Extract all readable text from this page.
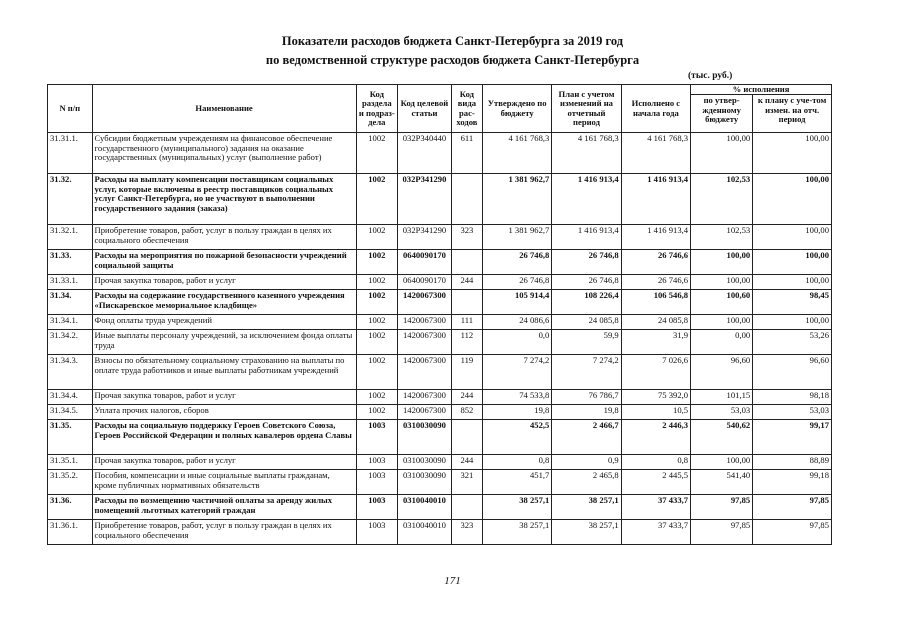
Показатели расходов бюджета Санкт-Петербурга за 2019 год
по ведомственной структуре расходов бюджета Санкт-Петербурга
(тыс. руб.)
N п/п	Наименование	Код раздела и подраз-дела	Код целевой статьи	Код вида рас-ходов	Утверждено по бюджету	План с учетом изменений на отчетный период	Исполнено с начала года	% исполнения	
								по утвер-жденному бюджету	к плану с уче-том измен. на отч. период
31.31.1.	Субсидии бюджетным учреждениям на финансовое обеспечение государственного (муниципального) задания на оказание государственных (муниципальных) услуг (выполнение работ)	1002	032P340440	611	4 161 768,3	4 161 768,3	4 161 768,3	100,00	100,00
31.32.	Расходы на выплату компенсации поставщикам социальных услуг, которые включены в реестр поставщиков социальных услуг Санкт-Петербурга, но не участвуют в выполнении государственного задания (заказа)	1002	032P341290		1 381 962,7	1 416 913,4	1 416 913,4	102,53	100,00
31.32.1.	Приобретение товаров, работ, услуг в пользу граждан в целях их социального обеспечения	1002	032P341290	323	1 381 962,7	1 416 913,4	1 416 913,4	102,53	100,00
31.33.	Расходы на мероприятия по пожарной безопасности учреждений социальной защиты	1002	0640090170		26 746,8	26 746,8	26 746,6	100,00	100,00
31.33.1.	Прочая закупка товаров, работ и услуг	1002	0640090170	244	26 746,8	26 746,8	26 746,6	100,00	100,00
31.34.	Расходы на содержание государственного казенного учреждения «Пискаревское мемориальное кладбище»	1002	1420067300		105 914,4	108 226,4	106 546,8	100,60	98,45
31.34.1.	Фонд оплаты труда учреждений	1002	1420067300	111	24 086,6	24 085,8	24 085,8	100,00	100,00
31.34.2.	Иные выплаты персоналу учреждений, за исключением фонда оплаты труда	1002	1420067300	112	0,0	59,9	31,9	0,00	53,26
31.34.3.	Взносы по обязательному социальному страхованию на выплаты по оплате труда работников и иные выплаты работникам учреждений	1002	1420067300	119	7 274,2	7 274,2	7 026,6	96,60	96,60
31.34.4.	Прочая закупка товаров, работ и услуг	1002	1420067300	244	74 533,8	76 786,7	75 392,0	101,15	98,18
31.34.5.	Уплата прочих налогов, сборов	1002	1420067300	852	19,8	19,8	10,5	53,03	53,03
31.35.	Расходы на социальную поддержку Героев Советского Союза, Героев Российской Федерации и полных кавалеров ордена Славы	1003	0310030090		452,5	2 466,7	2 446,3	540,62	99,17
31.35.1.	Прочая закупка товаров, работ и услуг	1003	0310030090	244	0,8	0,9	0,8	100,00	88,89
31.35.2.	Пособия, компенсации и иные социальные выплаты гражданам, кроме публичных нормативных обязательств	1003	0310030090	321	451,7	2 465,8	2 445,5	541,40	99,18
31.36.	Расходы по возмещению частичной оплаты за аренду жилых помещений льготных категорий граждан	1003	0310040010		38 257,1	38 257,1	37 433,7	97,85	97,85
31.36.1.	Приобретение товаров, работ, услуг в пользу граждан в целях их социального обеспечения	1003	0310040010	323	38 257,1	38 257,1	37 433,7	97,85	97,85
171
